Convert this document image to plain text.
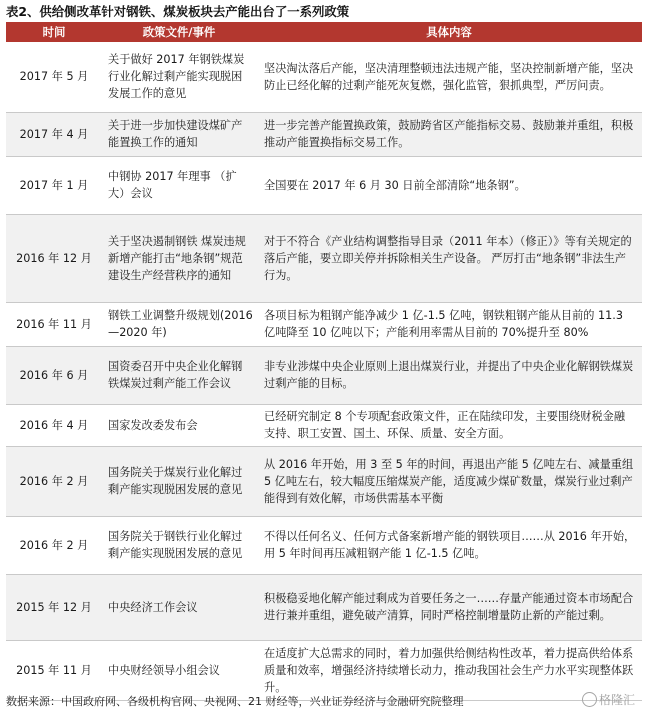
表2、供给侧改革针对钢铁、煤炭板块去产能出台了一系列政策
时间	政策文件/事件	具体内容
2017 年 5 月	关于做好 2017 年钢铁煤炭行业化解过剩产能实现脱困发展工作的意见	坚决淘汰落后产能，坚决清理整顿违法违规产能，坚决控制新增产能，坚决防止已经化解的过剩产能死灰复燃，强化监管，狠抓典型，严厉问责。
2017 年 4 月	关于进一步加快建设煤矿产能置换工作的通知	进一步完善产能置换政策，鼓励跨省区产能指标交易、鼓励兼并重组，积极推动产能置换指标交易工作。
2017 年 1 月	中钢协 2017 年理事 （扩大）会议	全国要在 2017 年 6 月 30 日前全部清除“地条钢”。
2016 年 12 月	关于坚决遏制钢铁 煤炭违规新增产能打击“地条钢”规范建设生产经营秩序的通知	对于不符合《产业结构调整指导目录（2011 年本）（修正）》等有关规定的落后产能，要立即关停并拆除相关生产设备。 严厉打击“地条钢”非法生产行为。
2016 年 11 月	钢铁工业调整升级规划(2016—2020 年)	各项目标为粗钢产能净减少 1 亿-1.5 亿吨，钢铁粗钢产能从目前的 11.3 亿吨降至 10 亿吨以下；产能利用率需从目前的 70%提升至 80%
2016 年 6 月	国资委召开中央企业化解钢铁煤炭过剩产能工作会议	非专业涉煤中央企业原则上退出煤炭行业，并提出了中央企业化解钢铁煤炭过剩产能的目标。
2016 年 4 月	国家发改委发布会	已经研究制定 8 个专项配套政策文件，正在陆续印发，主要围绕财税金融支持、职工安置、国土、环保、质量、安全方面。
2016 年 2 月	国务院关于煤炭行业化解过剩产能实现脱困发展的意见	从 2016 年开始，用 3 至 5 年的时间，再退出产能 5 亿吨左右、减量重组 5 亿吨左右，较大幅度压缩煤炭产能，适度减少煤矿数量，煤炭行业过剩产能得到有效化解，市场供需基本平衡
2016 年 2 月	国务院关于钢铁行业化解过剩产能实现脱困发展的意见	不得以任何名义、任何方式备案新增产能的钢铁项目……从 2016 年开始，用 5 年时间再压减粗钢产能 1 亿-1.5 亿吨。
2015 年 12 月	中央经济工作会议	积极稳妥地化解产能过剩成为首要任务之一……存量产能通过资本市场配合进行兼并重组，避免破产清算，同时严格控制增量防止新的产能过剩。
2015 年 11 月	中央财经领导小组会议	在适度扩大总需求的同时，着力加强供给侧结构性改革，着力提高供给体系质量和效率，增强经济持续增长动力，推动我国社会生产力水平实现整体跃升。
数据来源：中国政府网、各级机构官网、央视网、21 财经等，兴业证券经济与金融研究院整理	格隆汇
